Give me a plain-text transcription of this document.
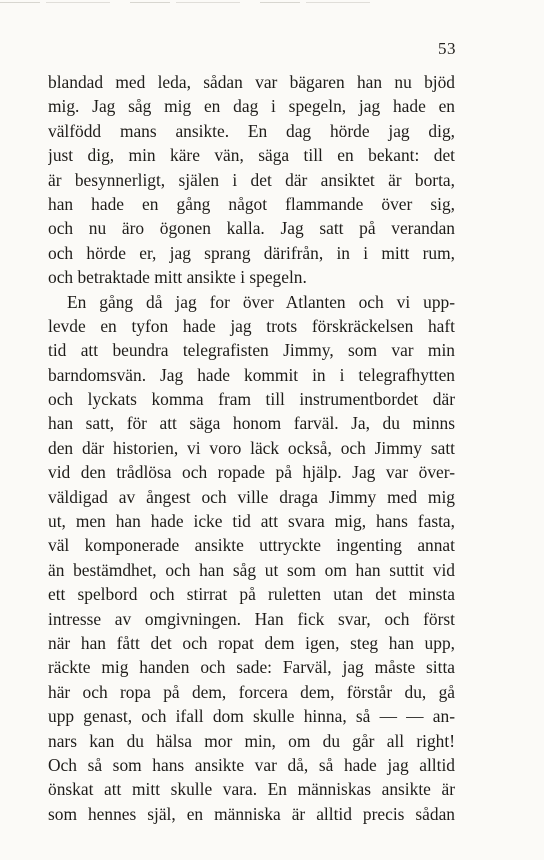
53
blandad med leda, sådan var bägaren han nu bjöd
mig. Jag såg mig en dag i spegeln, jag hade en
välfödd mans ansikte. En dag hörde jag dig,
just dig, min käre vän, säga till en bekant: det
är besynnerligt, själen i det där ansiktet är borta,
han hade en gång något flammande över sig,
och nu äro ögonen kalla. Jag satt på verandan
och hörde er, jag sprang därifrån, in i mitt rum,
och betraktade mitt ansikte i spegeln.
En gång då jag for över Atlanten och vi upp-
levde en tyfon hade jag trots förskräckelsen haft
tid att beundra telegrafisten Jimmy, som var min
barndomsvän. Jag hade kommit in i telegrafhytten
och lyckats komma fram till instrumentbordet där
han satt, för att säga honom farväl. Ja, du minns
den där historien, vi voro läck också, och Jimmy satt
vid den trådlösa och ropade på hjälp. Jag var över-
väldigad av ångest och ville draga Jimmy med mig
ut, men han hade icke tid att svara mig, hans fasta,
väl komponerade ansikte uttryckte ingenting annat
än bestämdhet, och han såg ut som om han suttit vid
ett spelbord och stirrat på ruletten utan det minsta
intresse av omgivningen. Han fick svar, och först
när han fått det och ropat dem igen, steg han upp,
räckte mig handen och sade: Farväl, jag måste sitta
här och ropa på dem, forcera dem, förstår du, gå
upp genast, och ifall dom skulle hinna, så — — an-
nars kan du hälsa mor min, om du går all right!
Och så som hans ansikte var då, så hade jag alltid
önskat att mitt skulle vara. En människas ansikte är
som hennes själ, en människa är alltid precis sådan
